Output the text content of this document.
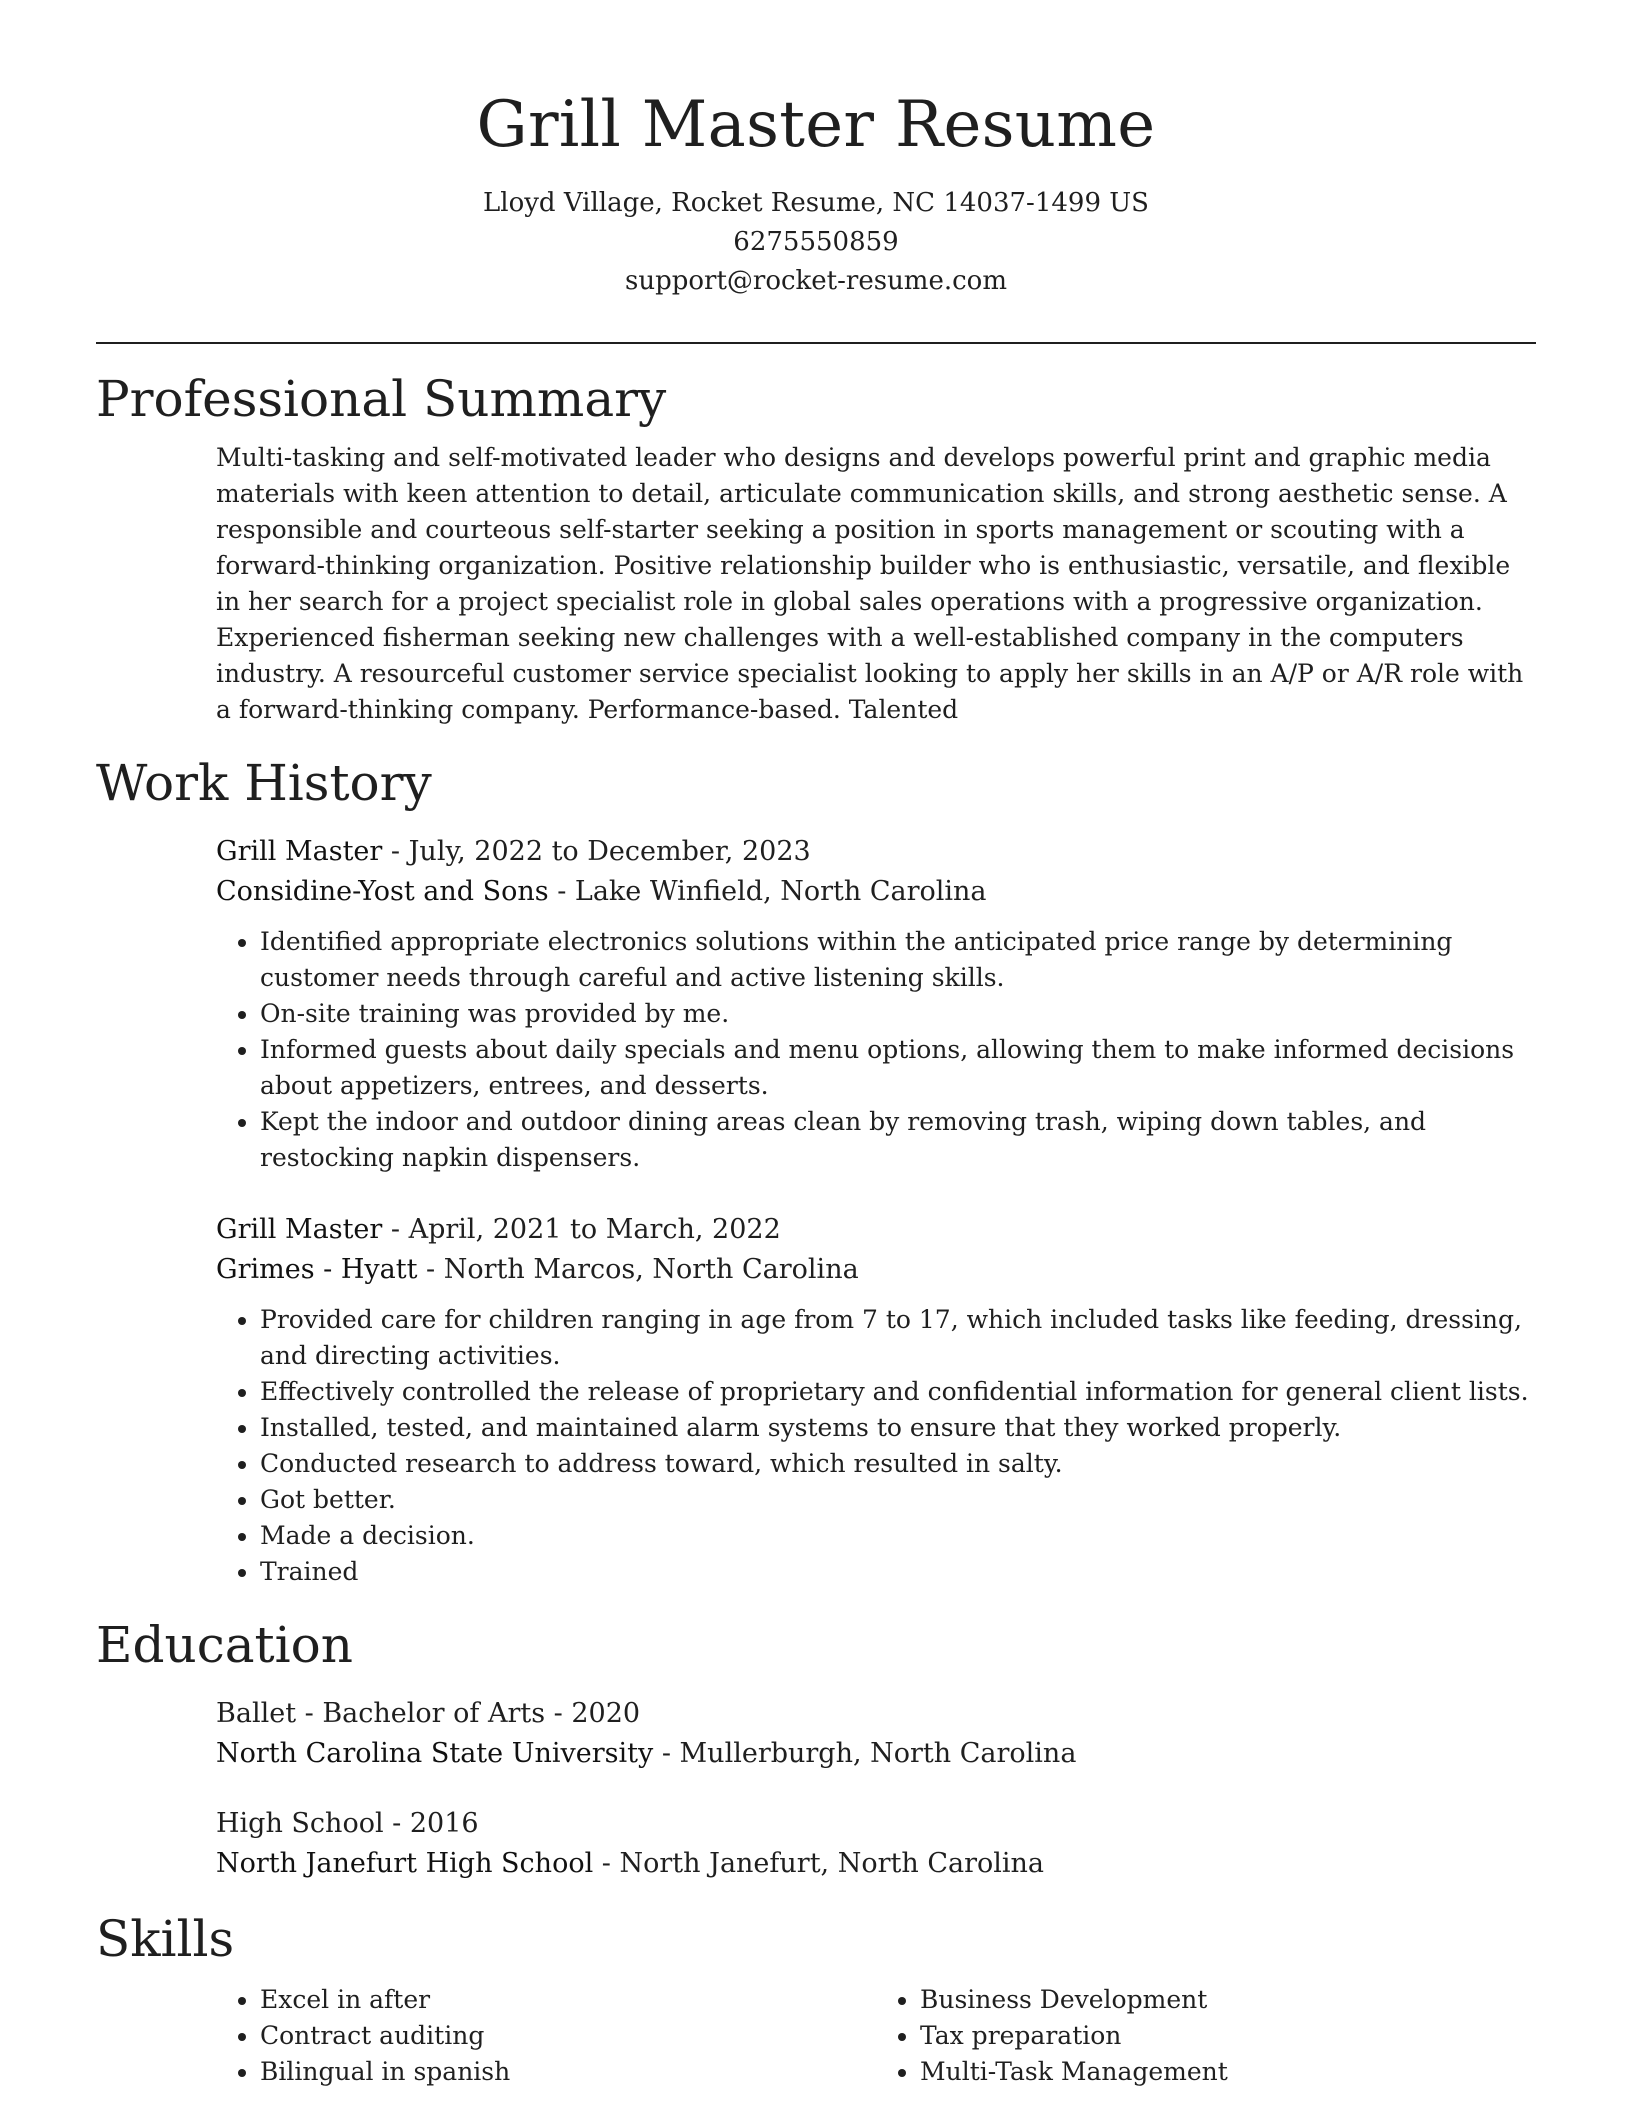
Grill Master Resume

Lloyd Village, Rocket Resume, NC 14037-1499 US

6275550859

support@rocket-resume.com

Professional Summary

Multi-tasking and self-motivated leader who designs and develops powerful print and graphic media materials with keen attention to detail, articulate communication skills, and strong aesthetic sense. A responsible and courteous self-starter seeking a position in sports management or scouting with a forward-thinking organization. Positive relationship builder who is enthusiastic, versatile, and flexible in her search for a project specialist role in global sales operations with a progressive organization. Experienced fisherman seeking new challenges with a well-established company in the computers industry. A resourceful customer service specialist looking to apply her skills in an A/P or A/R role with a forward-thinking company. Performance-based. Talented

Work History

Grill Master - July, 2022 to December, 2023

Considine-Yost and Sons - Lake Winfield, North Carolina

• Identified appropriate electronics solutions within the anticipated price range by determining customer needs through careful and active listening skills.
• On-site training was provided by me.
• Informed guests about daily specials and menu options, allowing them to make informed decisions about appetizers, entrees, and desserts.
• Kept the indoor and outdoor dining areas clean by removing trash, wiping down tables, and restocking napkin dispensers.

Grill Master - April, 2021 to March, 2022

Grimes - Hyatt - North Marcos, North Carolina

• Provided care for children ranging in age from 7 to 17, which included tasks like feeding, dressing, and directing activities.
• Effectively controlled the release of proprietary and confidential information for general client lists.
• Installed, tested, and maintained alarm systems to ensure that they worked properly.
• Conducted research to address toward, which resulted in salty.
• Got better.
• Made a decision.
• Trained
Education

Ballet - Bachelor of Arts - 2020

North Carolina State University - Mullerburgh, North Carolina

High School - 2016

North Janefurt High School - North Janefurt, North Carolina

Skills
• Excel in after
• Contract auditing
• Bilingual in spanish
• Business Development
• Tax preparation
• Multi-Task Management
